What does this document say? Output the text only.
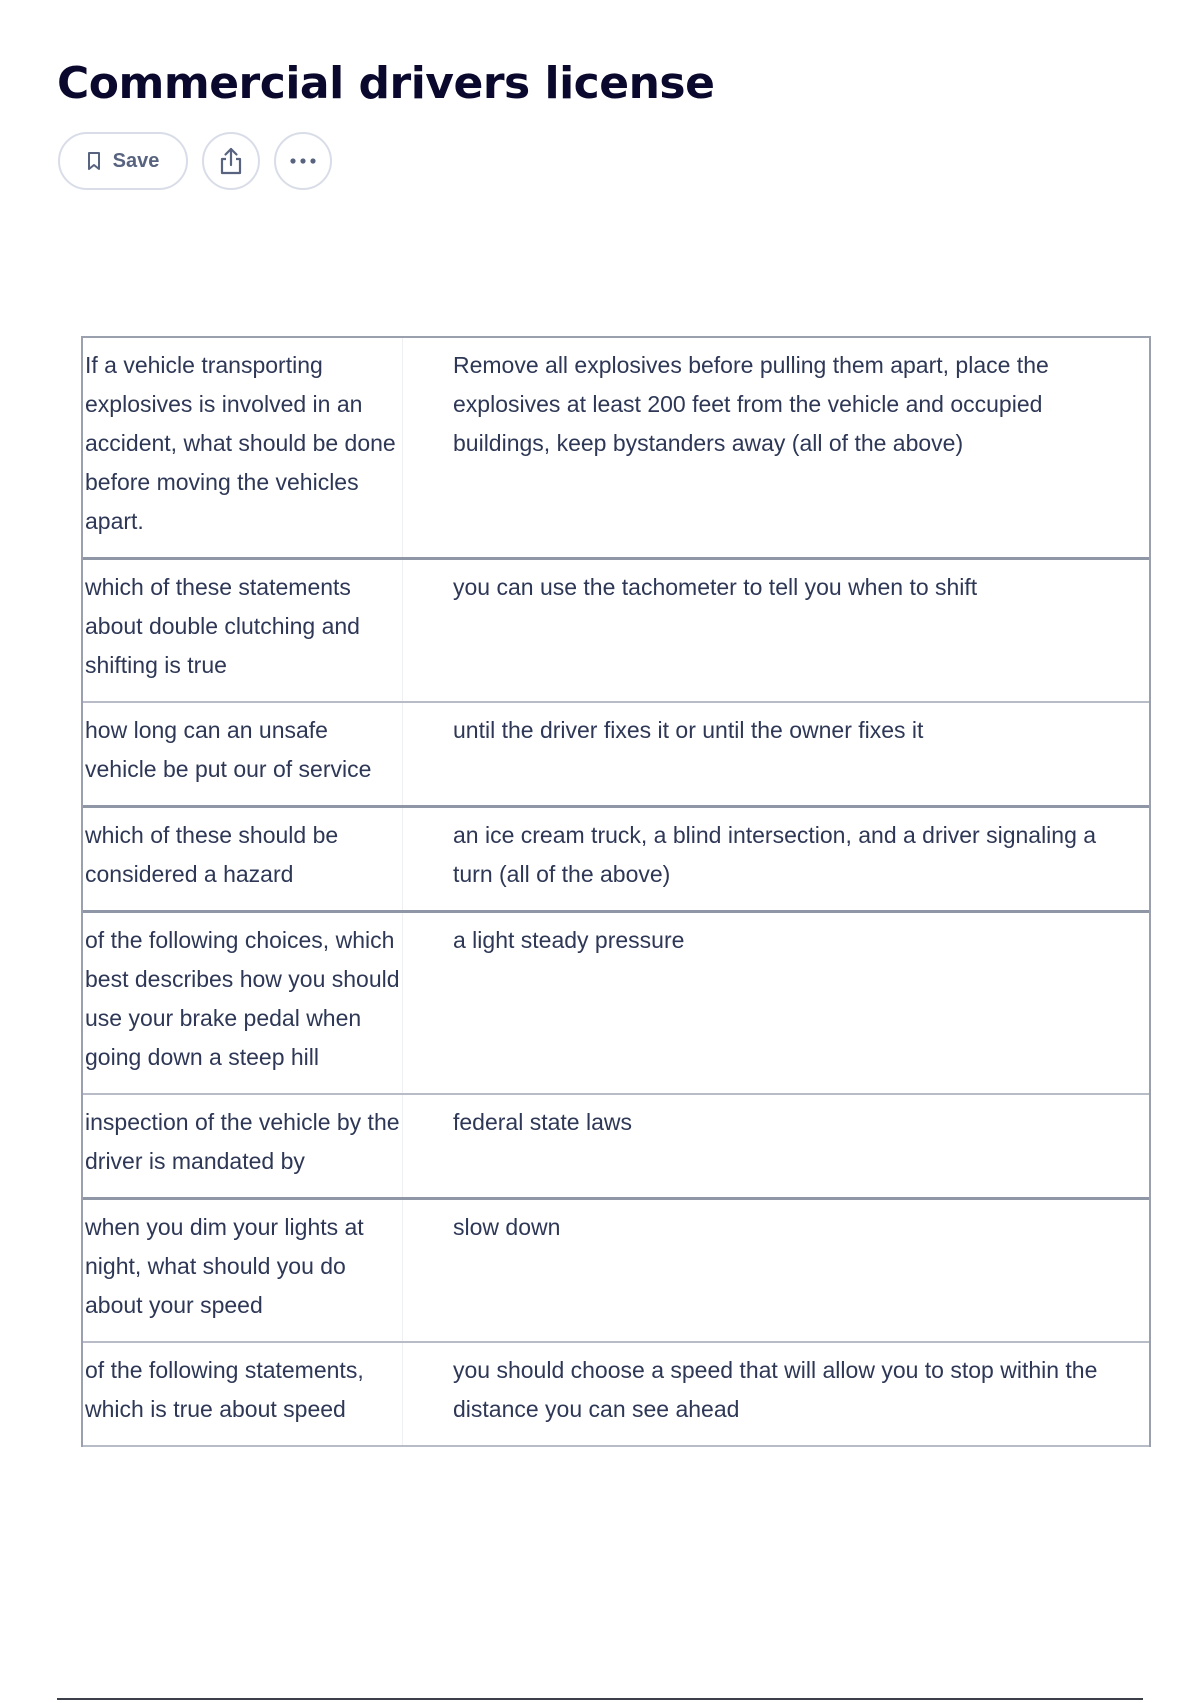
Commercial drivers license
Save
If a vehicle transporting explosives is involved in an accident, what should be done before moving the vehicles apart.
Remove all explosives before pulling them apart, place the explosives at least 200 feet from the vehicle and occupied buildings, keep bystanders away (all of the above)
which of these statements about double clutching and shifting is true
you can use the tachometer to tell you when to shift
how long can an unsafe vehicle be put our of service
until the driver fixes it or until the owner fixes it
which of these should be considered a hazard
an ice cream truck, a blind intersection, and a driver signaling a turn (all of the above)
of the following choices, which best describes how you should use your brake pedal when going down a steep hill
a light steady pressure
inspection of the vehicle by the driver is mandated by
federal state laws
when you dim your lights at night, what should you do about your speed
slow down
of the following statements, which is true about speed
you should choose a speed that will allow you to stop within the distance you can see ahead
